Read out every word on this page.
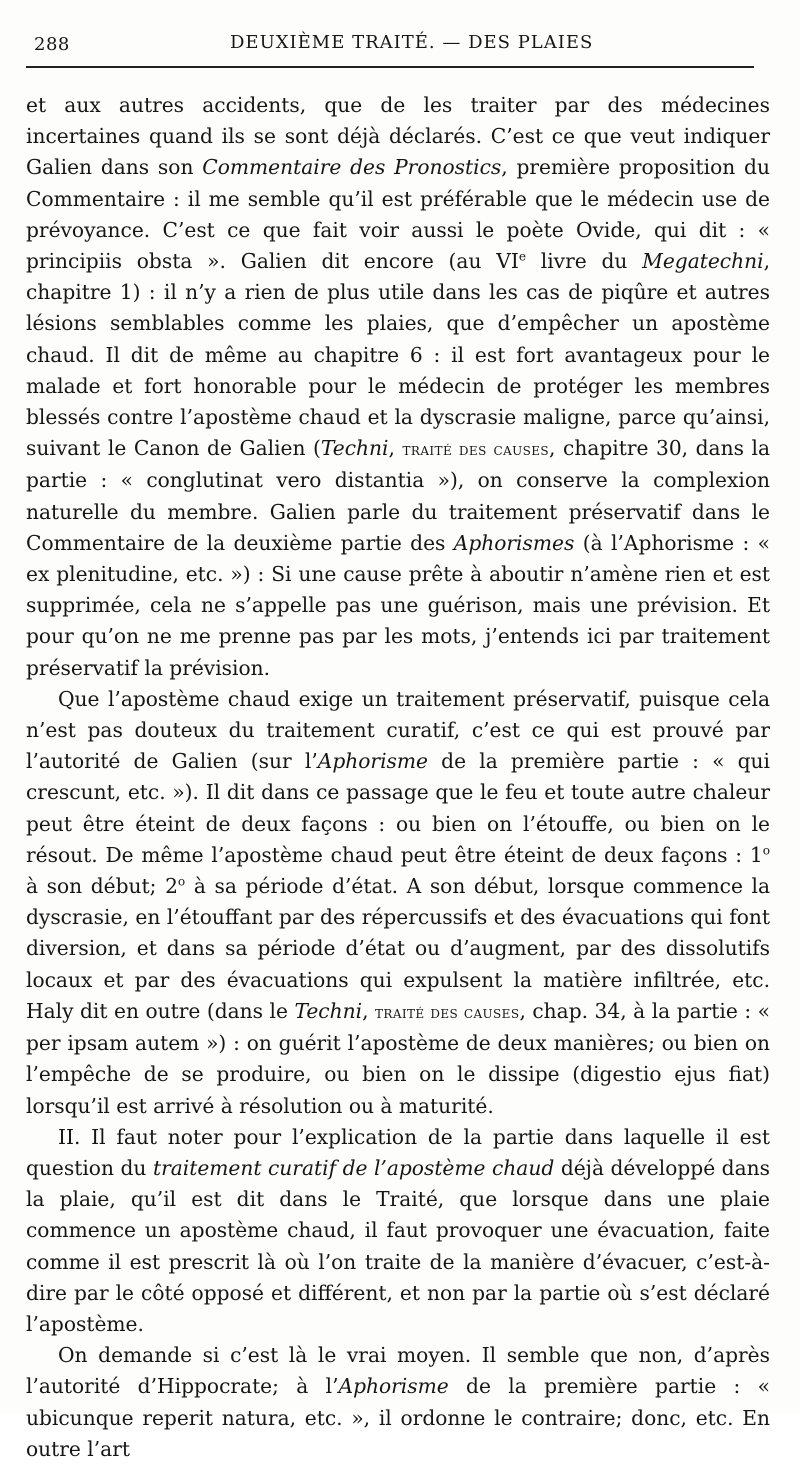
288	DEUXIÈME TRAITÉ. — DES PLAIES

et aux autres accidents, que de les traiter par des médecines incertaines quand ils se sont déjà déclarés. C’est ce que veut indiquer Galien dans son Commentaire des Pronostics, première proposition du Commentaire : il me semble qu’il est préférable que le médecin use de prévoyance. C’est ce que fait voir aussi le poète Ovide, qui dit : « principiis obsta ». Galien dit encore (au VIe livre du Megatechni, chapitre 1) : il n’y a rien de plus utile dans les cas de piqûre et autres lésions semblables comme les plaies, que d’empêcher un apostème chaud. Il dit de même au chapitre 6 : il est fort avantageux pour le malade et fort honorable pour le médecin de protéger les membres blessés contre l’apostème chaud et la dyscrasie maligne, parce qu’ainsi, suivant le Canon de Galien (Techni, traité des causes, chapitre 30, dans la partie : « conglutinat vero distantia »), on conserve la complexion naturelle du membre. Galien parle du traitement préservatif dans le Commentaire de la deuxième partie des Aphorismes (à l’Aphorisme : « ex plenitudine, etc. ») : Si une cause prête à aboutir n’amène rien et est supprimée, cela ne s’appelle pas une guérison, mais une prévision. Et pour qu’on ne me prenne pas par les mots, j’entends ici par traitement préservatif la prévision.

Que l’apostème chaud exige un traitement préservatif, puisque cela n’est pas douteux du traitement curatif, c’est ce qui est prouvé par l’autorité de Galien (sur l’Aphorisme de la première partie : « qui crescunt, etc. »). Il dit dans ce passage que le feu et toute autre chaleur peut être éteint de deux façons : ou bien on l’étouffe, ou bien on le résout. De même l’apostème chaud peut être éteint de deux façons : 1$^o$ à son début; 2$^o$ à sa période d’état. A son début, lorsque commence la dyscrasie, en l’étouffant par des répercussifs et des évacuations qui font diversion, et dans sa période d’état ou d’augment, par des dissolutifs locaux et par des évacuations qui expulsent la matière infiltrée, etc. Haly dit en outre (dans le Techni, traité des causes, chap. 34, à la partie : « per ipsam autem ») : on guérit l’apostème de deux manières; ou bien on l’empêche de se produire, ou bien on le dissipe (digestio ejus fiat) lorsqu’il est arrivé à résolution ou à maturité.

II. Il faut noter pour l’explication de la partie dans laquelle il est question du traitement curatif de l’apostème chaud déjà développé dans la plaie, qu’il est dit dans le Traité, que lorsque dans une plaie commence un apostème chaud, il faut provoquer une évacuation, faite comme il est prescrit là où l’on traite de la manière d’évacuer, c’est-à-dire par le côté opposé et différent, et non par la partie où s’est déclaré l’apostème.

On demande si c’est là le vrai moyen. Il semble que non, d’après l’autorité d’Hippocrate; à l’Aphorisme de la première partie : « ubicunque reperit natura, etc. », il ordonne le contraire; donc, etc. En outre l’art
